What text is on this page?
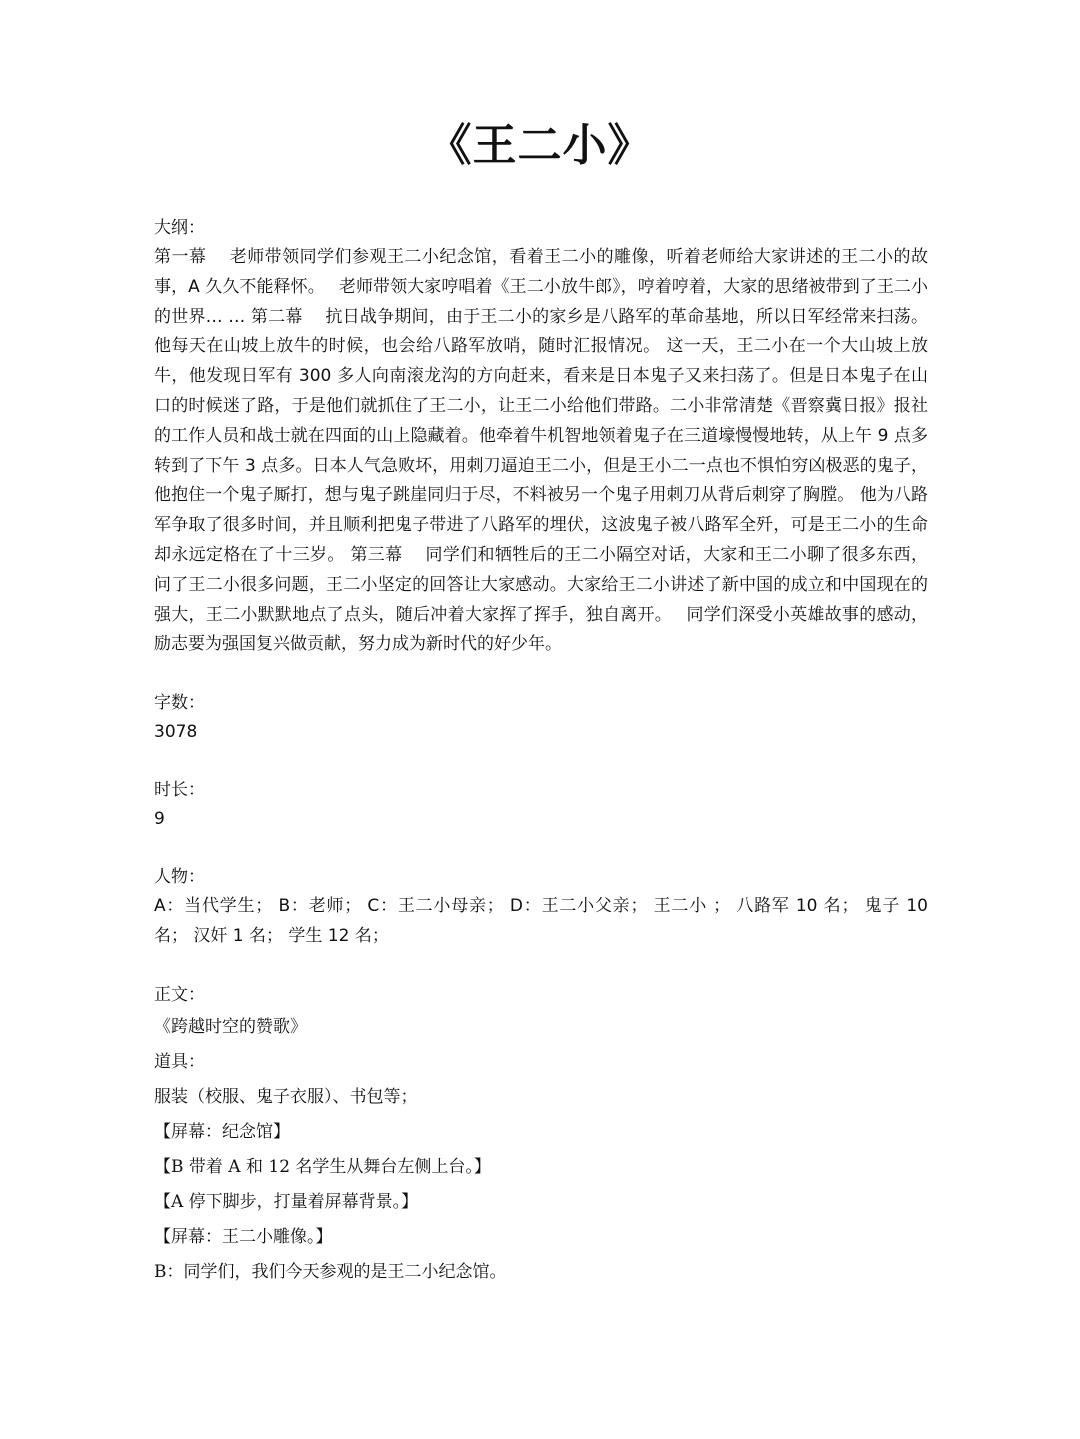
《王二小》

大纲：

第一幕　 老师带领同学们参观王二小纪念馆，看着王二小的雕像，听着老师给大家讲述的王二小的故事，A 久久不能释怀。　 老师带领大家哼唱着《王二小放牛郎》，哼着哼着，大家的思绪被带到了王二小的世界… … 第二幕　 抗日战争期间，由于王二小的家乡是八路军的革命基地，所以日军经常来扫荡。他每天在山坡上放牛的时候，也会给八路军放哨，随时汇报情况。 这一天，王二小在一个大山坡上放牛，他发现日军有 300 多人向南滚龙沟的方向赶来，看来是日本鬼子又来扫荡了。但是日本鬼子在山口的时候迷了路，于是他们就抓住了王二小，让王二小给他们带路。二小非常清楚《晋察冀日报》报社的工作人员和战士就在四面的山上隐藏着。他牵着牛机智地领着鬼子在三道壕慢慢地转，从上午 9 点多转到了下午 3 点多。日本人气急败坏，用刺刀逼迫王二小，但是王小二一点也不惧怕穷凶极恶的鬼子，他抱住一个鬼子厮打，想与鬼子跳崖同归于尽，不料被另一个鬼子用刺刀从背后刺穿了胸膛。 他为八路军争取了很多时间，并且顺利把鬼子带进了八路军的埋伏，这波鬼子被八路军全歼，可是王二小的生命却永远定格在了十三岁。 第三幕　 同学们和牺牲后的王二小隔空对话，大家和王二小聊了很多东西，问了王二小很多问题，王二小坚定的回答让大家感动。大家给王二小讲述了新中国的成立和中国现在的强大，王二小默默地点了点头，随后冲着大家挥了挥手，独自离开。　 同学们深受小英雄故事的感动，励志要为强国复兴做贡献，努力成为新时代的好少年。

字数：

3078

时长：

9

人物：

A：当代学生； B：老师； C：王二小母亲； D：王二小父亲； 王二小 ； 八路军 10 名； 鬼子 10 名； 汉奸 1 名； 学生 12 名；

正文：

《跨越时空的赞歌》

道具：

服装（校服、鬼子衣服）、书包等；

【屏幕：纪念馆】

【B 带着 A 和 12 名学生从舞台左侧上台。】

【A 停下脚步，打量着屏幕背景。】

【屏幕：王二小雕像。】

B：同学们，我们今天参观的是王二小纪念馆。
